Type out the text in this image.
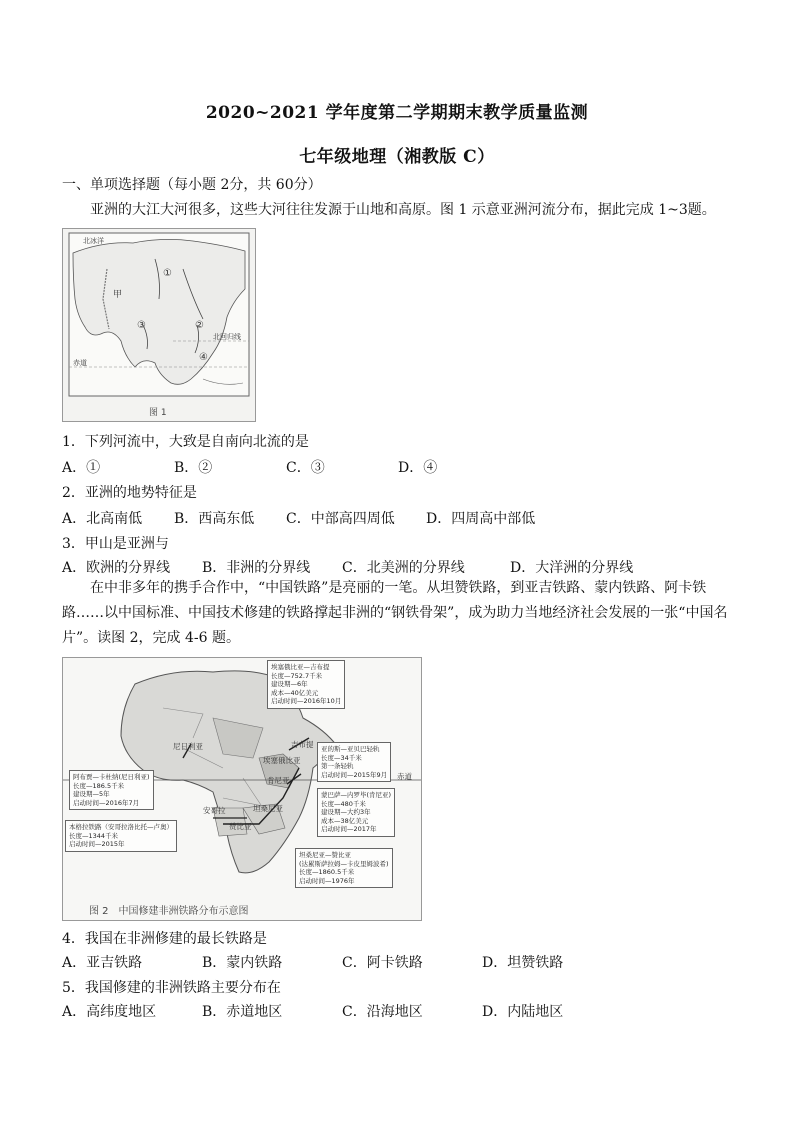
2020~2021 学年度第二学期期末教学质量监测
七年级地理（湘教版 C）
一、单项选择题（每小题 2分，共 60分）
亚洲的大江大河很多，这些大河往往发源于山地和高原。图 1 示意亚洲河流分布，据此完成 1~3题。
北冰洋
甲
北回归线
赤道
①
②
③
④
图 1
1．下列河流中，大致是自南向北流的是
A．①	B．②	C．③	D．④
2．亚洲的地势特征是
A．北高南低 B．西高东低 C．中部高四周低 D．四周高中部低
3．甲山是亚洲与
A．欧洲的分界线 B．非洲的分界线 C．北美洲的分界线	D．大洋洲的分界线
在中非多年的携手合作中，“中国铁路”是亮丽的一笔。从坦赞铁路，到亚吉铁路、蒙内铁路、阿卡铁路……以中国标准、中国技术修建的铁路撑起非洲的“钢铁骨架”，成为助力当地经济社会发展的一张“中国名片”。读图 2，完成 4-6 题。
尼日利亚
埃塞俄比亚
吉布提
肯尼亚
坦桑尼亚
安哥拉
赞比亚
赤道
埃塞俄比亚—吉布提
长度—752.7千米
建设期—6年
成本—40亿美元
启动时间—2016年10月
亚的斯—亚贝巴轻轨
长度—34千米
第一条轻轨
启动时间—2015年9月
阿布贾—卡杜纳(尼日利亚)
长度—186.5千米
建设期—5年
启动时间—2016年7月
蒙巴萨—内罗毕(肯尼亚)
长度—480千米
建设期—大约3年
成本—38亿美元
启动时间—2017年
本格拉铁路（安哥拉洛比托—卢奥）
长度—1344千米
启动时间—2015年
坦桑尼亚—赞比亚
(达累斯萨拉姆—卡皮里姆波希)
长度—1860.5千米
启动时间—1976年
图 2　中国修建非洲铁路分布示意图
4．我国在非洲修建的最长铁路是
A．亚吉铁路	B．蒙内铁路	C．阿卡铁路	D．坦赞铁路
5．我国修建的非洲铁路主要分布在
A．高纬度地区	B．赤道地区	C．沿海地区	D．内陆地区
